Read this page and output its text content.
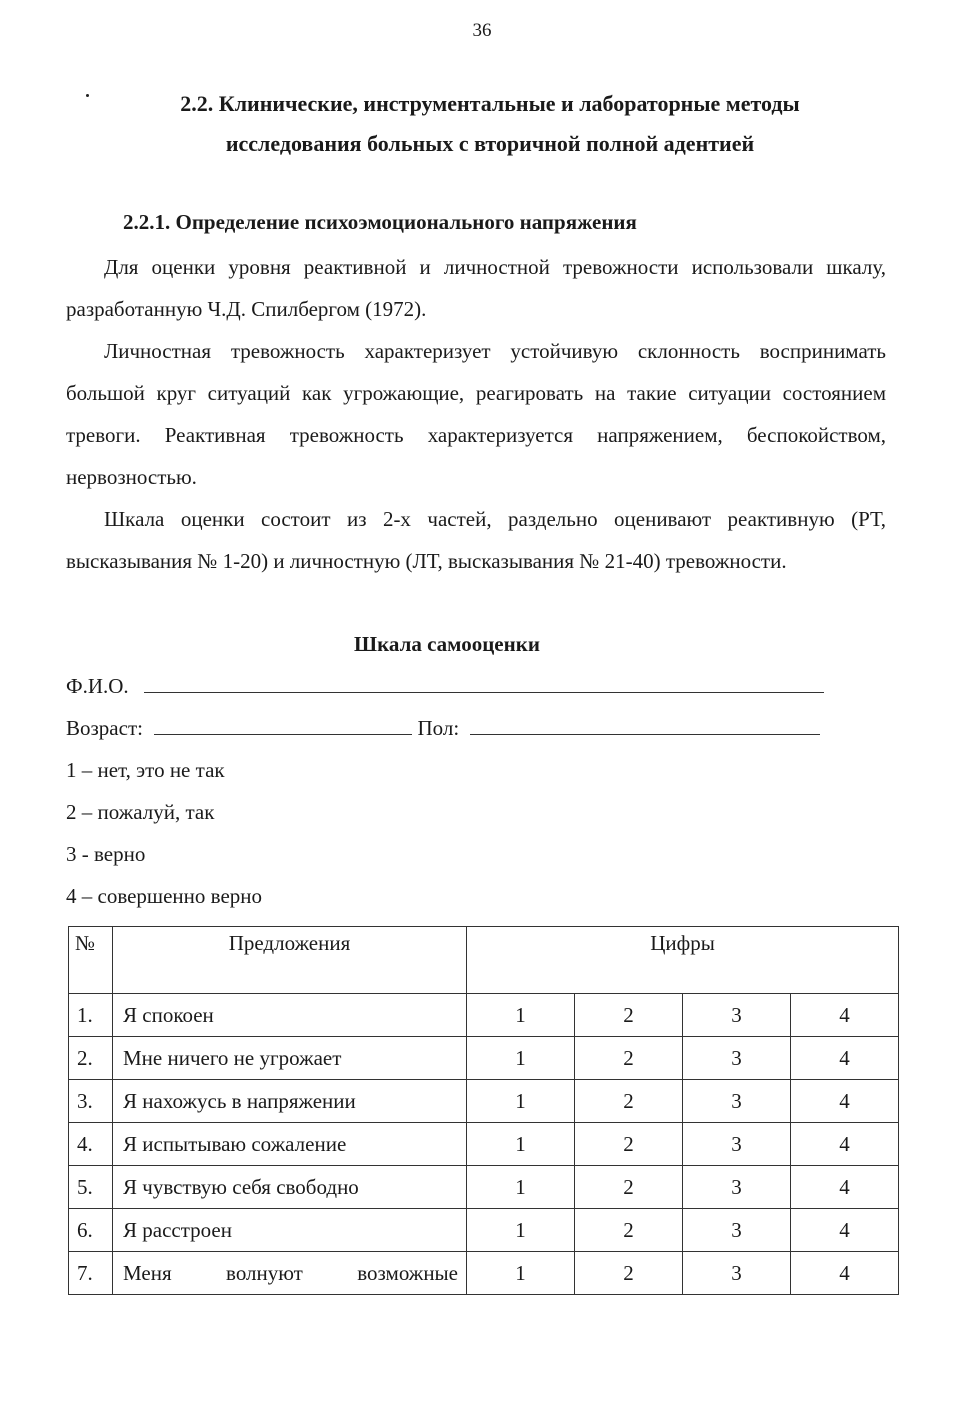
36
2.2. Клинические, инструментальные и лабораторные методы
исследования больных с вторичной полной адентией
2.2.1. Определение психоэмоционального напряжения
Для оценки уровня реактивной и личностной тревожности использовали шкалу, разработанную Ч.Д. Спилбергом (1972).
Личностная тревожность характеризует устойчивую склонность воспринимать большой круг ситуаций как угрожающие, реагировать на такие ситуации состоянием тревоги. Реактивная тревожность характеризуется напряжением, беспокойством, нервозностью.
Шкала оценки состоит из 2-х частей, раздельно оценивают реактивную (РТ, высказывания № 1-20) и личностную (ЛТ, высказывания № 21-40) тревожности.
Шкала самооценки
Ф.И.О.
Возраст:	Пол:
1 – нет, это не так
2 – пожалуй, так
3 - верно
4 – совершенно верно
№	Предложения	Цифры			
1.	Я спокоен	1	2	3	4
2.	Мне ничего не угрожает	1	2	3	4
3.	Я нахожусь в напряжении	1	2	3	4
4.	Я испытываю сожаление	1	2	3	4
5.	Я чувствую себя свободно	1	2	3	4
6.	Я расстроен	1	2	3	4
7.	Меня волнуют возможные	1	2	3	4
